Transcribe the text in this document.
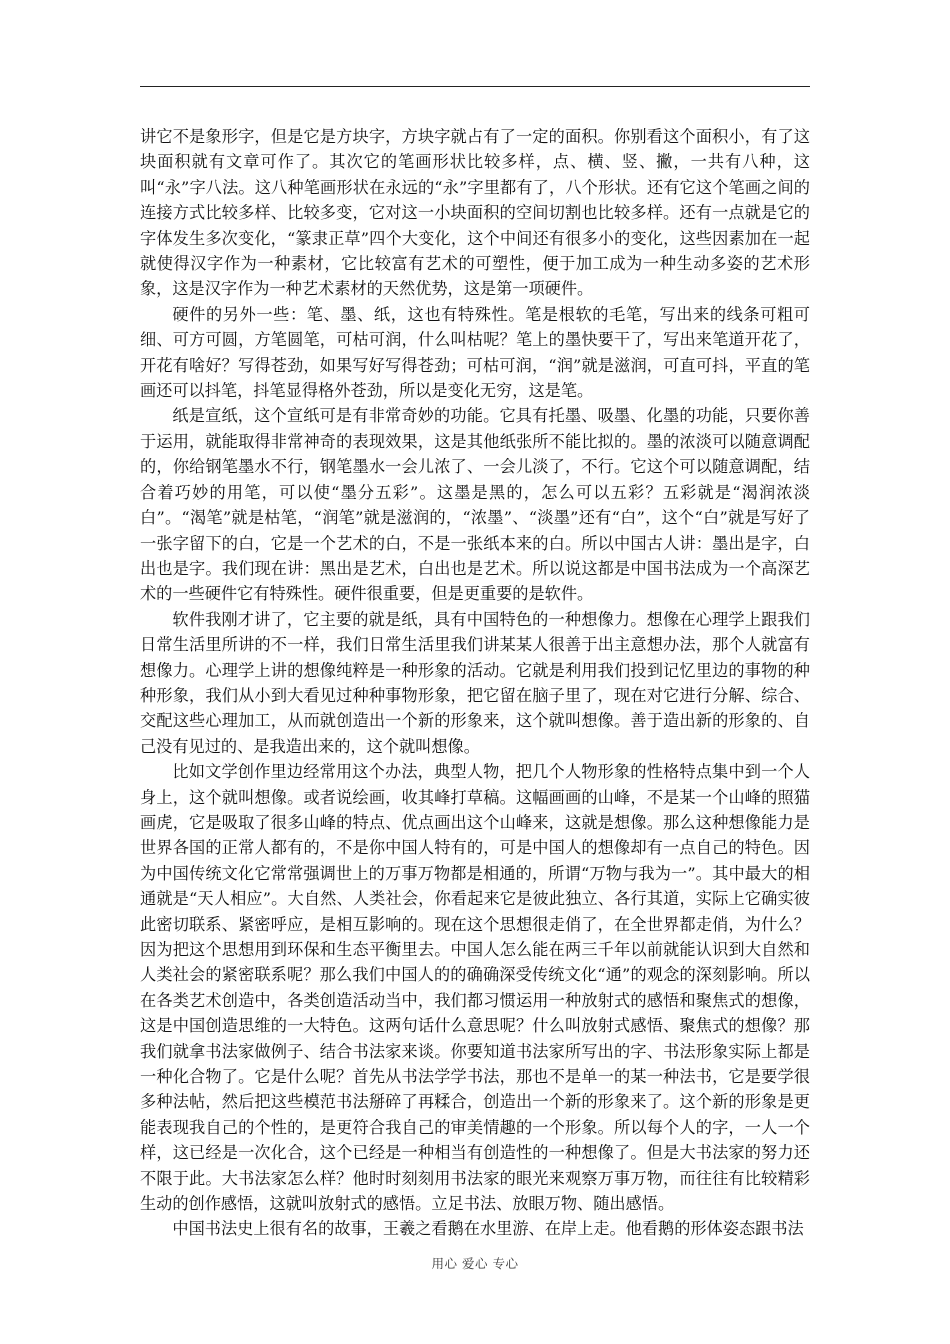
讲它不是象形字，但是它是方块字，方块字就占有了一定的面积。你别看这个面积小，有了这块面积就有文章可作了。其次它的笔画形状比较多样，点、横、竖、撇，一共有八种，这叫“永”字八法。这八种笔画形状在永远的“永”字里都有了，八个形状。还有它这个笔画之间的连接方式比较多样、比较多变，它对这一小块面积的空间切割也比较多样。还有一点就是它的字体发生多次变化，“篆隶正草”四个大变化，这个中间还有很多小的变化，这些因素加在一起就使得汉字作为一种素材，它比较富有艺术的可塑性，便于加工成为一种生动多姿的艺术形象，这是汉字作为一种艺术素材的天然优势，这是第一项硬件。

硬件的另外一些：笔、墨、纸，这也有特殊性。笔是根软的毛笔，写出来的线条可粗可细、可方可圆，方笔圆笔，可枯可润，什么叫枯呢？笔上的墨快要干了，写出来笔道开花了，开花有啥好？写得苍劲，如果写好写得苍劲；可枯可润，“润”就是滋润，可直可抖，平直的笔画还可以抖笔，抖笔显得格外苍劲，所以是变化无穷，这是笔。

纸是宣纸，这个宣纸可是有非常奇妙的功能。它具有托墨、吸墨、化墨的功能，只要你善于运用，就能取得非常神奇的表现效果，这是其他纸张所不能比拟的。墨的浓淡可以随意调配的，你给钢笔墨水不行，钢笔墨水一会儿浓了、一会儿淡了，不行。它这个可以随意调配，结合着巧妙的用笔，可以使“墨分五彩”。这墨是黑的，怎么可以五彩？五彩就是“渴润浓淡白”。“渴笔”就是枯笔，“润笔”就是滋润的，“浓墨”、“淡墨”还有“白”，这个“白”就是写好了一张字留下的白，它是一个艺术的白，不是一张纸本来的白。所以中国古人讲：墨出是字，白出也是字。我们现在讲：黑出是艺术，白出也是艺术。所以说这都是中国书法成为一个高深艺术的一些硬件它有特殊性。硬件很重要，但是更重要的是软件。

软件我刚才讲了，它主要的就是纸，具有中国特色的一种想像力。想像在心理学上跟我们日常生活里所讲的不一样，我们日常生活里我们讲某某人很善于出主意想办法，那个人就富有想像力。心理学上讲的想像纯粹是一种形象的活动。它就是利用我们投到记忆里边的事物的种种形象，我们从小到大看见过种种事物形象，把它留在脑子里了，现在对它进行分解、综合、交配这些心理加工，从而就创造出一个新的形象来，这个就叫想像。善于造出新的形象的、自己没有见过的、是我造出来的，这个就叫想像。

比如文学创作里边经常用这个办法，典型人物，把几个人物形象的性格特点集中到一个人身上，这个就叫想像。或者说绘画，收其峰打草稿。这幅画画的山峰，不是某一个山峰的照猫画虎，它是吸取了很多山峰的特点、优点画出这个山峰来，这就是想像。那么这种想像能力是世界各国的正常人都有的，不是你中国人特有的，可是中国人的想像却有一点自己的特色。因为中国传统文化它常常强调世上的万事万物都是相通的，所谓“万物与我为一”。其中最大的相通就是“天人相应”。大自然、人类社会，你看起来它是彼此独立、各行其道，实际上它确实彼此密切联系、紧密呼应，是相互影响的。现在这个思想很走俏了，在全世界都走俏，为什么？因为把这个思想用到环保和生态平衡里去。中国人怎么能在两三千年以前就能认识到大自然和人类社会的紧密联系呢？那么我们中国人的的确确深受传统文化“通”的观念的深刻影响。所以在各类艺术创造中，各类创造活动当中，我们都习惯运用一种放射式的感悟和聚焦式的想像，这是中国创造思维的一大特色。这两句话什么意思呢？什么叫放射式感悟、聚焦式的想像？那我们就拿书法家做例子、结合书法家来谈。你要知道书法家所写出的字、书法形象实际上都是一种化合物了。它是什么呢？首先从书法学学书法，那也不是单一的某一种法书，它是要学很多种法帖，然后把这些模范书法掰碎了再糅合，创造出一个新的形象来了。这个新的形象是更能表现我自己的个性的，是更符合我自己的审美情趣的一个形象。所以每个人的字，一人一个样，这已经是一次化合，这个已经是一种相当有创造性的一种想像了。但是大书法家的努力还不限于此。大书法家怎么样？他时时刻刻用书法家的眼光来观察万事万物，而往往有比较精彩生动的创作感悟，这就叫放射式的感悟。立足书法、放眼万物、随出感悟。

中国书法史上很有名的故事，王羲之看鹅在水里游、在岸上走。他看鹅的形体姿态跟书法

用心 爱心 专心
